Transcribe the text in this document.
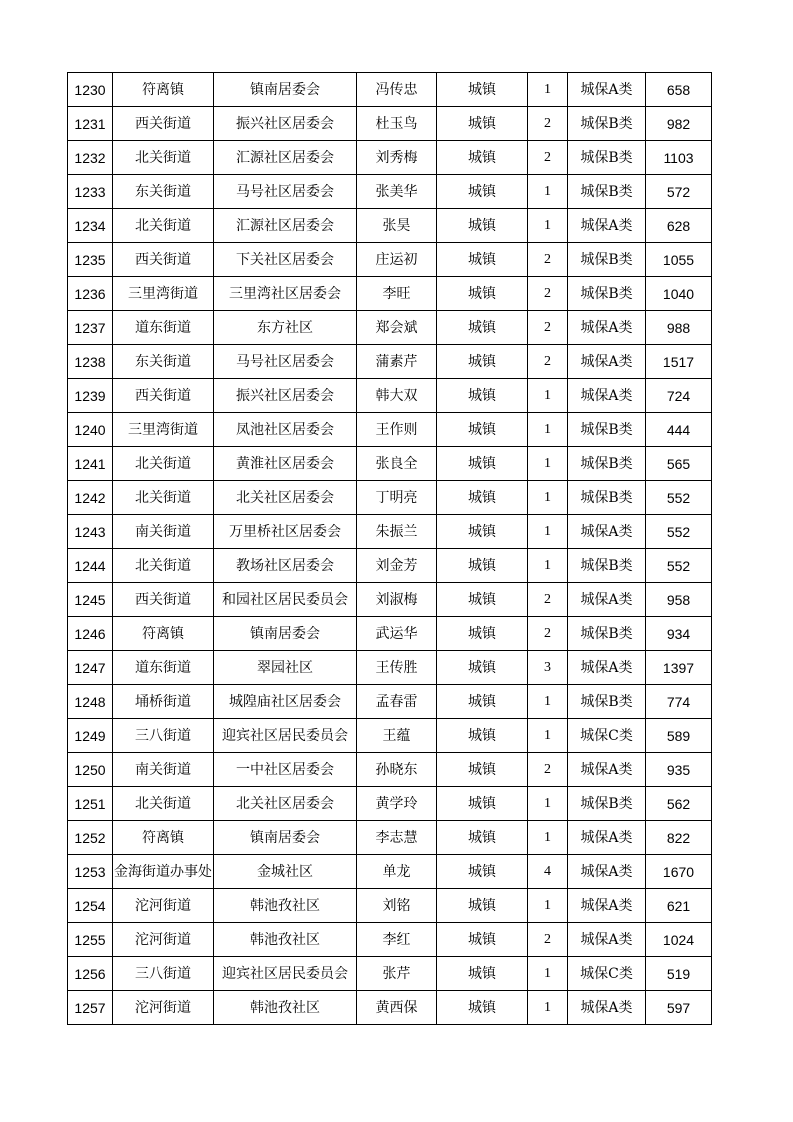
1230	符离镇	镇南居委会	冯传忠	城镇	1	城保A类	658
1231	西关街道	振兴社区居委会	杜玉鸟	城镇	2	城保B类	982
1232	北关街道	汇源社区居委会	刘秀梅	城镇	2	城保B类	1103
1233	东关街道	马号社区居委会	张美华	城镇	1	城保B类	572
1234	北关街道	汇源社区居委会	张昊	城镇	1	城保A类	628
1235	西关街道	下关社区居委会	庄运初	城镇	2	城保B类	1055
1236	三里湾街道	三里湾社区居委会	李旺	城镇	2	城保B类	1040
1237	道东街道	东方社区	郑会斌	城镇	2	城保A类	988
1238	东关街道	马号社区居委会	蒲素芹	城镇	2	城保A类	1517
1239	西关街道	振兴社区居委会	韩大双	城镇	1	城保A类	724
1240	三里湾街道	凤池社区居委会	王作则	城镇	1	城保B类	444
1241	北关街道	黄淮社区居委会	张良全	城镇	1	城保B类	565
1242	北关街道	北关社区居委会	丁明亮	城镇	1	城保B类	552
1243	南关街道	万里桥社区居委会	朱振兰	城镇	1	城保A类	552
1244	北关街道	教场社区居委会	刘金芳	城镇	1	城保B类	552
1245	西关街道	和园社区居民委员会	刘淑梅	城镇	2	城保A类	958
1246	符离镇	镇南居委会	武运华	城镇	2	城保B类	934
1247	道东街道	翠园社区	王传胜	城镇	3	城保A类	1397
1248	埇桥街道	城隍庙社区居委会	孟春雷	城镇	1	城保B类	774
1249	三八街道	迎宾社区居民委员会	王蕴	城镇	1	城保C类	589
1250	南关街道	一中社区居委会	孙晓东	城镇	2	城保A类	935
1251	北关街道	北关社区居委会	黄学玲	城镇	1	城保B类	562
1252	符离镇	镇南居委会	李志慧	城镇	1	城保A类	822
1253	金海街道办事处	金城社区	单龙	城镇	4	城保A类	1670
1254	沱河街道	韩池孜社区	刘铭	城镇	1	城保A类	621
1255	沱河街道	韩池孜社区	李红	城镇	2	城保A类	1024
1256	三八街道	迎宾社区居民委员会	张芹	城镇	1	城保C类	519
1257	沱河街道	韩池孜社区	黄西保	城镇	1	城保A类	597
